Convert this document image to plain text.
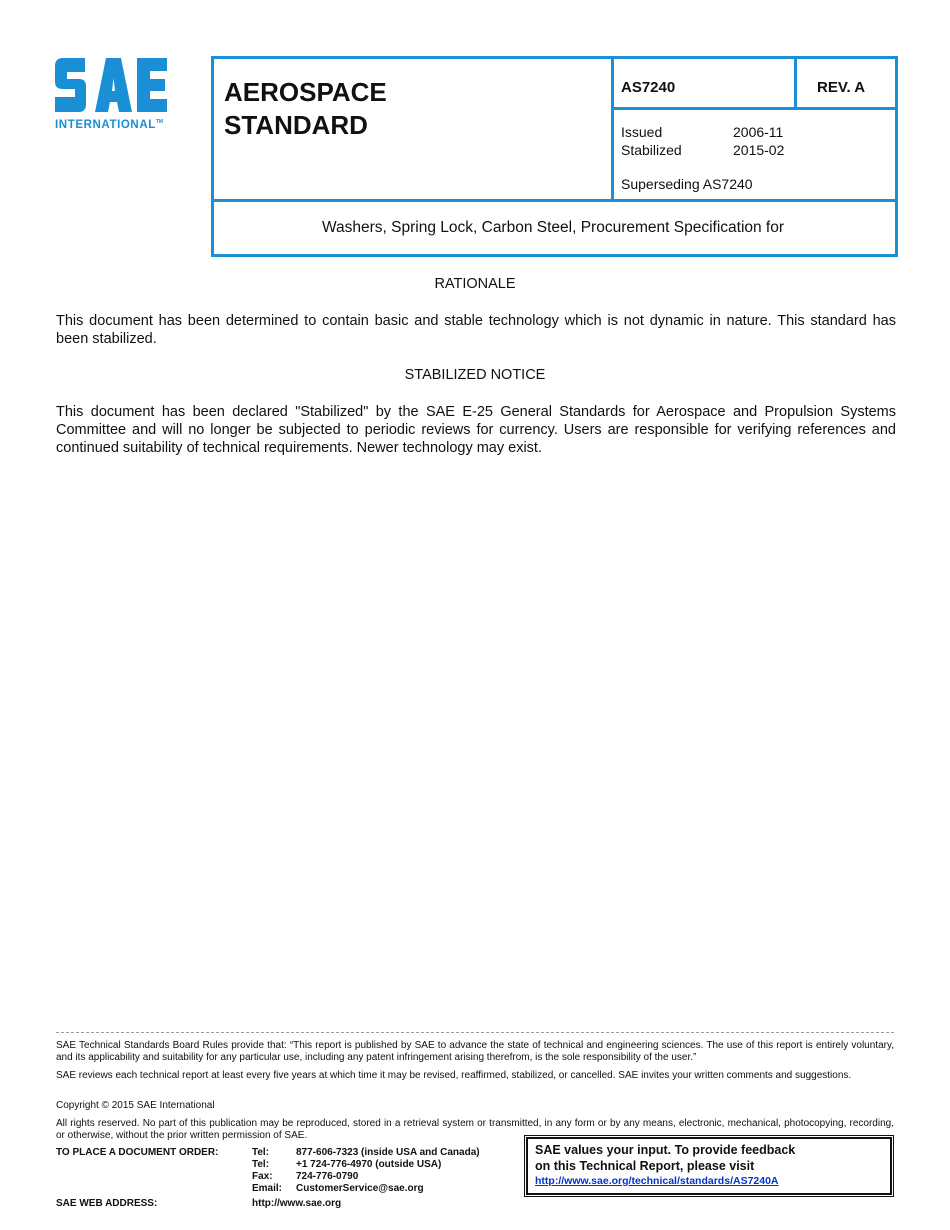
INTERNATIONAL™
AEROSPACE
STANDARD
AS7240	REV. A
Issued	2006-11
Stabilized	2015-02
Superseding AS7240
Washers, Spring Lock, Carbon Steel, Procurement Specification for
RATIONALE
This document has been determined to contain basic and stable technology which is not dynamic in nature. This standard has been stabilized.
STABILIZED NOTICE
This document has been declared "Stabilized" by the SAE E-25 General Standards for Aerospace and Propulsion Systems Committee and will no longer be subjected to periodic reviews for currency. Users are responsible for verifying references and continued suitability of technical requirements. Newer technology may exist.
SAE Technical Standards Board Rules provide that: “This report is published by SAE to advance the state of technical and engineering sciences. The use of this report is entirely voluntary, and its applicability and suitability for any particular use, including any patent infringement arising therefrom, is the sole responsibility of the user.”
SAE reviews each technical report at least every five years at which time it may be revised, reaffirmed, stabilized, or cancelled. SAE invites your written comments and suggestions.
Copyright © 2015 SAE International
All rights reserved. No part of this publication may be reproduced, stored in a retrieval system or transmitted, in any form or by any means, electronic, mechanical, photocopying, recording, or otherwise, without the prior written permission of SAE.
TO PLACE A DOCUMENT ORDER:	Tel:	877-606-7323 (inside USA and Canada)
Tel:	+1 724-776-4970 (outside USA)
Fax: 724-776-0790
Email: CustomerService@sae.org
SAE WEB ADDRESS:	http://www.sae.org
SAE values your input. To provide feedback
on this Technical Report, please visit
http://www.sae.org/technical/standards/AS7240A
